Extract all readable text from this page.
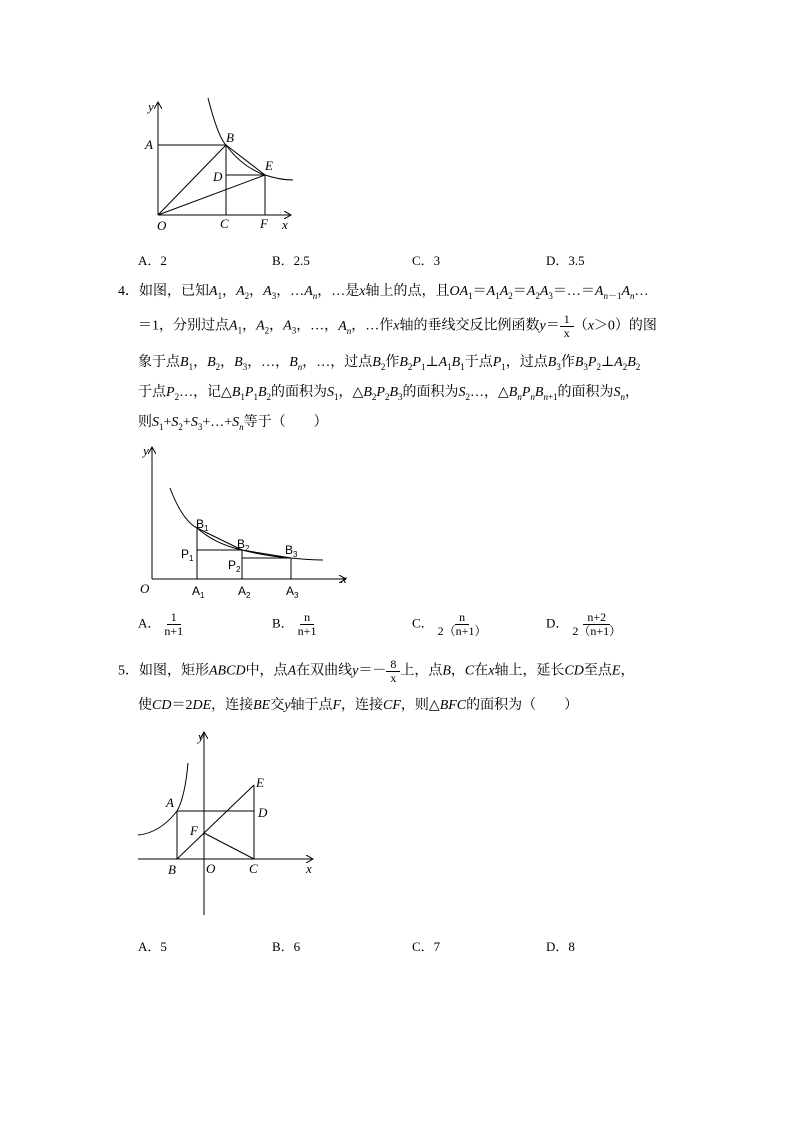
y
x
A	B
E
D
O	C F
A．2	B．2.5	C．3	D．3.5
4．如图，已知$A_1$，$A_2$，$A_3$，$\dots A_n$，…是x轴上的点，且$OA_1=A_1A_2=A_2A_3=\dots=A_{n-1}A_n\dots$
＝1，分别过点$A_1$，$A_2$，$A_3$，…，$A_n$，…作x轴的垂线交反比例函数$y= \frac{1}{x} (x>0)$的图
象于点$B_1$，$B_2$，$B_3$，…，$B_n$，…，过点$B_2$作$B_2P_1\perp A_1B_1$于点$P_1$，过点$B_3$作$B_3P_2\perp A_2B_2$
于点$P_2\dots$，记$\triangle B_1P_1B_2$的面积为$S_1$，$\triangle B_2P_2B_3$的面积为$S_2\dots$，$\triangle B_nP_nB_{n+1}$的面积为$S_n$，
则$S_1+S_2+S_3+\dots+S_n$等于（　　）
y
x
O
$B_1$
$B_2$	$B_3$
$P_1$	$P_2$
$A_1$	$A_2$	$A_3$
A． $\frac{1}{n+1}$	B． $\frac{n}{n+1}$	C． $\frac{n}{2(n+1)}$	D． $\frac{n+2}{2(n+1)}$
5．如图，矩形ABCD中，点A在双曲线$y=- \frac{8}{x}$ 上，点B，C在x轴上，延长CD至点E，
使CD＝2DE，连接BE交y轴于点F，连接CF，则△BFC的面积为（　　）
y
x
A
E
D
F
B O	C
A．5	B．6	C．7	D．8
